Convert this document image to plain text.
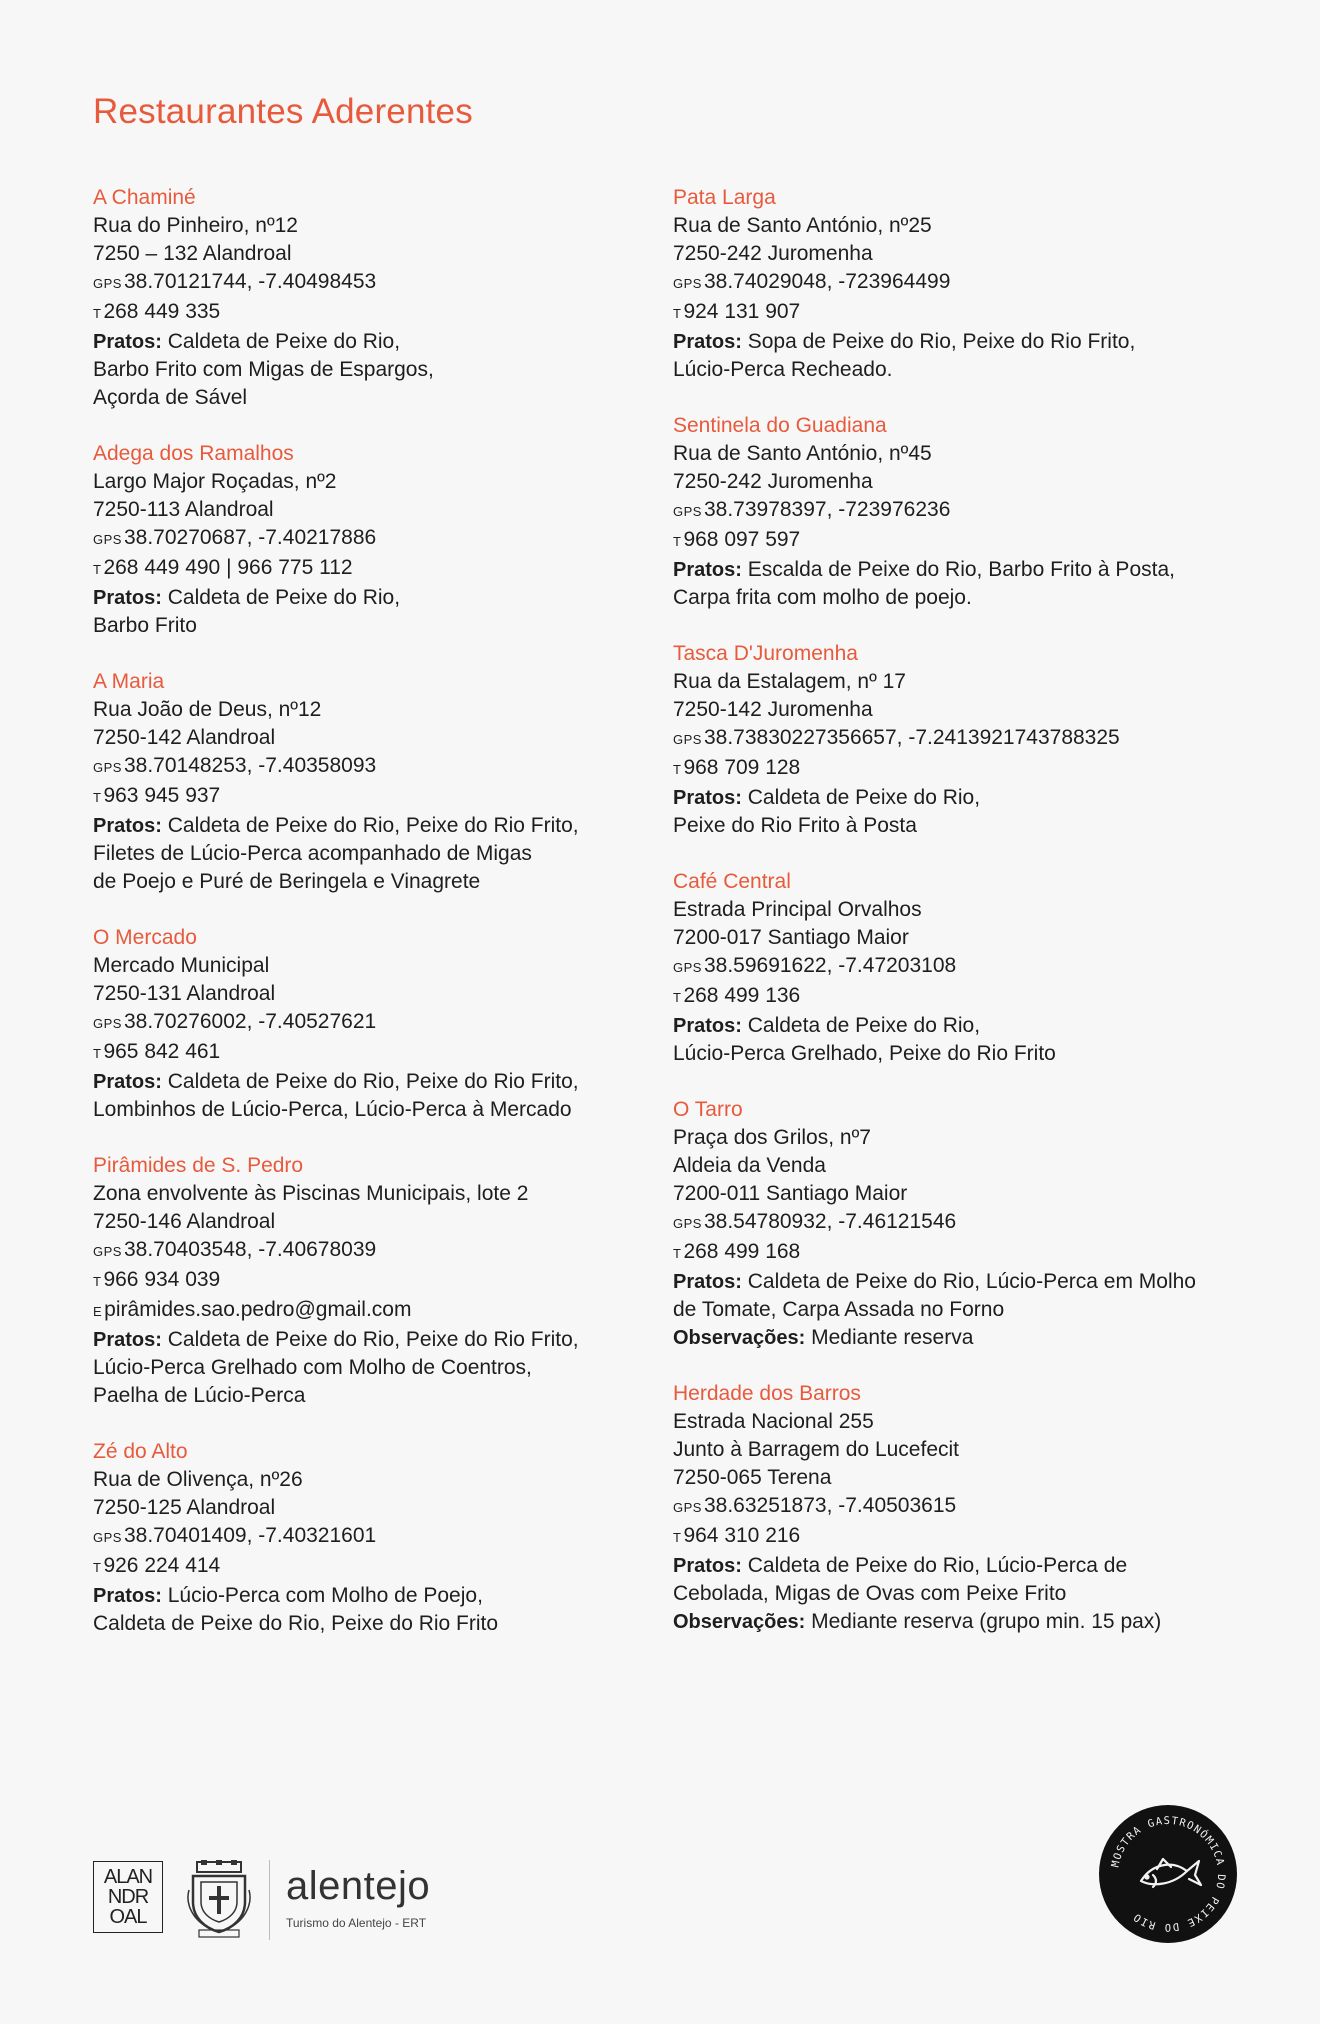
Restaurantes Aderentes
A Chaminé
Rua do Pinheiro, nº12
7250 – 132 Alandroal
GPS38.70121744, -7.40498453
T268 449 335
Pratos: Caldeta de Peixe do Rio,
Barbo Frito com Migas de Espargos,
Açorda de Sável
Adega dos Ramalhos
Largo Major Roçadas, nº2
7250-113 Alandroal
GPS38.70270687, -7.40217886
T268 449 490 | 966 775 112
Pratos: Caldeta de Peixe do Rio,
Barbo Frito
A Maria
Rua João de Deus, nº12
7250-142 Alandroal
GPS38.70148253, -7.40358093
T963 945 937
Pratos: Caldeta de Peixe do Rio, Peixe do Rio Frito,
Filetes de Lúcio-Perca acompanhado de Migas
de Poejo e Puré de Beringela e Vinagrete
O Mercado
Mercado Municipal
7250-131 Alandroal
GPS38.70276002, -7.40527621
T965 842 461
Pratos: Caldeta de Peixe do Rio, Peixe do Rio Frito,
Lombinhos de Lúcio-Perca, Lúcio-Perca à Mercado
Pirâmides de S. Pedro
Zona envolvente às Piscinas Municipais, lote 2
7250-146 Alandroal
GPS38.70403548, -7.40678039
T966 934 039
Epirâmides.sao.pedro@gmail.com
Pratos: Caldeta de Peixe do Rio, Peixe do Rio Frito,
Lúcio-Perca Grelhado com Molho de Coentros,
Paelha de Lúcio-Perca
Zé do Alto
Rua de Olivença, nº26
7250-125 Alandroal
GPS38.70401409, -7.40321601
T926 224 414
Pratos: Lúcio-Perca com Molho de Poejo,
Caldeta de Peixe do Rio, Peixe do Rio Frito
Pata Larga
Rua de Santo António, nº25
7250-242 Juromenha
GPS38.74029048, -723964499
T924 131 907
Pratos: Sopa de Peixe do Rio, Peixe do Rio Frito,
Lúcio-Perca Recheado.
Sentinela do Guadiana
Rua de Santo António, nº45
7250-242 Juromenha
GPS38.73978397, -723976236
T968 097 597
Pratos: Escalda de Peixe do Rio, Barbo Frito à Posta,
Carpa frita com molho de poejo.
Tasca D'Juromenha
Rua da Estalagem, nº 17
7250-142 Juromenha
GPS38.73830227356657, -7.2413921743788325
T968 709 128
Pratos: Caldeta de Peixe do Rio,
Peixe do Rio Frito à Posta
Café Central
Estrada Principal Orvalhos
7200-017 Santiago Maior
GPS38.59691622, -7.47203108
T268 499 136
Pratos: Caldeta de Peixe do Rio,
Lúcio-Perca Grelhado, Peixe do Rio Frito
O Tarro
Praça dos Grilos, nº7
Aldeia da Venda
7200-011 Santiago Maior
GPS38.54780932, -7.46121546
T268 499 168
Pratos: Caldeta de Peixe do Rio, Lúcio-Perca em Molho
de Tomate, Carpa Assada no Forno
Observações: Mediante reserva
Herdade dos Barros
Estrada Nacional 255
Junto à Barragem do Lucefecit
7250-065 Terena
GPS38.63251873, -7.40503615
T964 310 216
Pratos: Caldeta de Peixe do Rio, Lúcio-Perca de
Cebolada, Migas de Ovas com Peixe Frito
Observações: Mediante reserva (grupo min. 15 pax)
ALAN
NDR
OAL
alentejo
Turismo do Alentejo - ERT
MOSTRA GASTRONÓMICA DO PEIXE DO RIO
